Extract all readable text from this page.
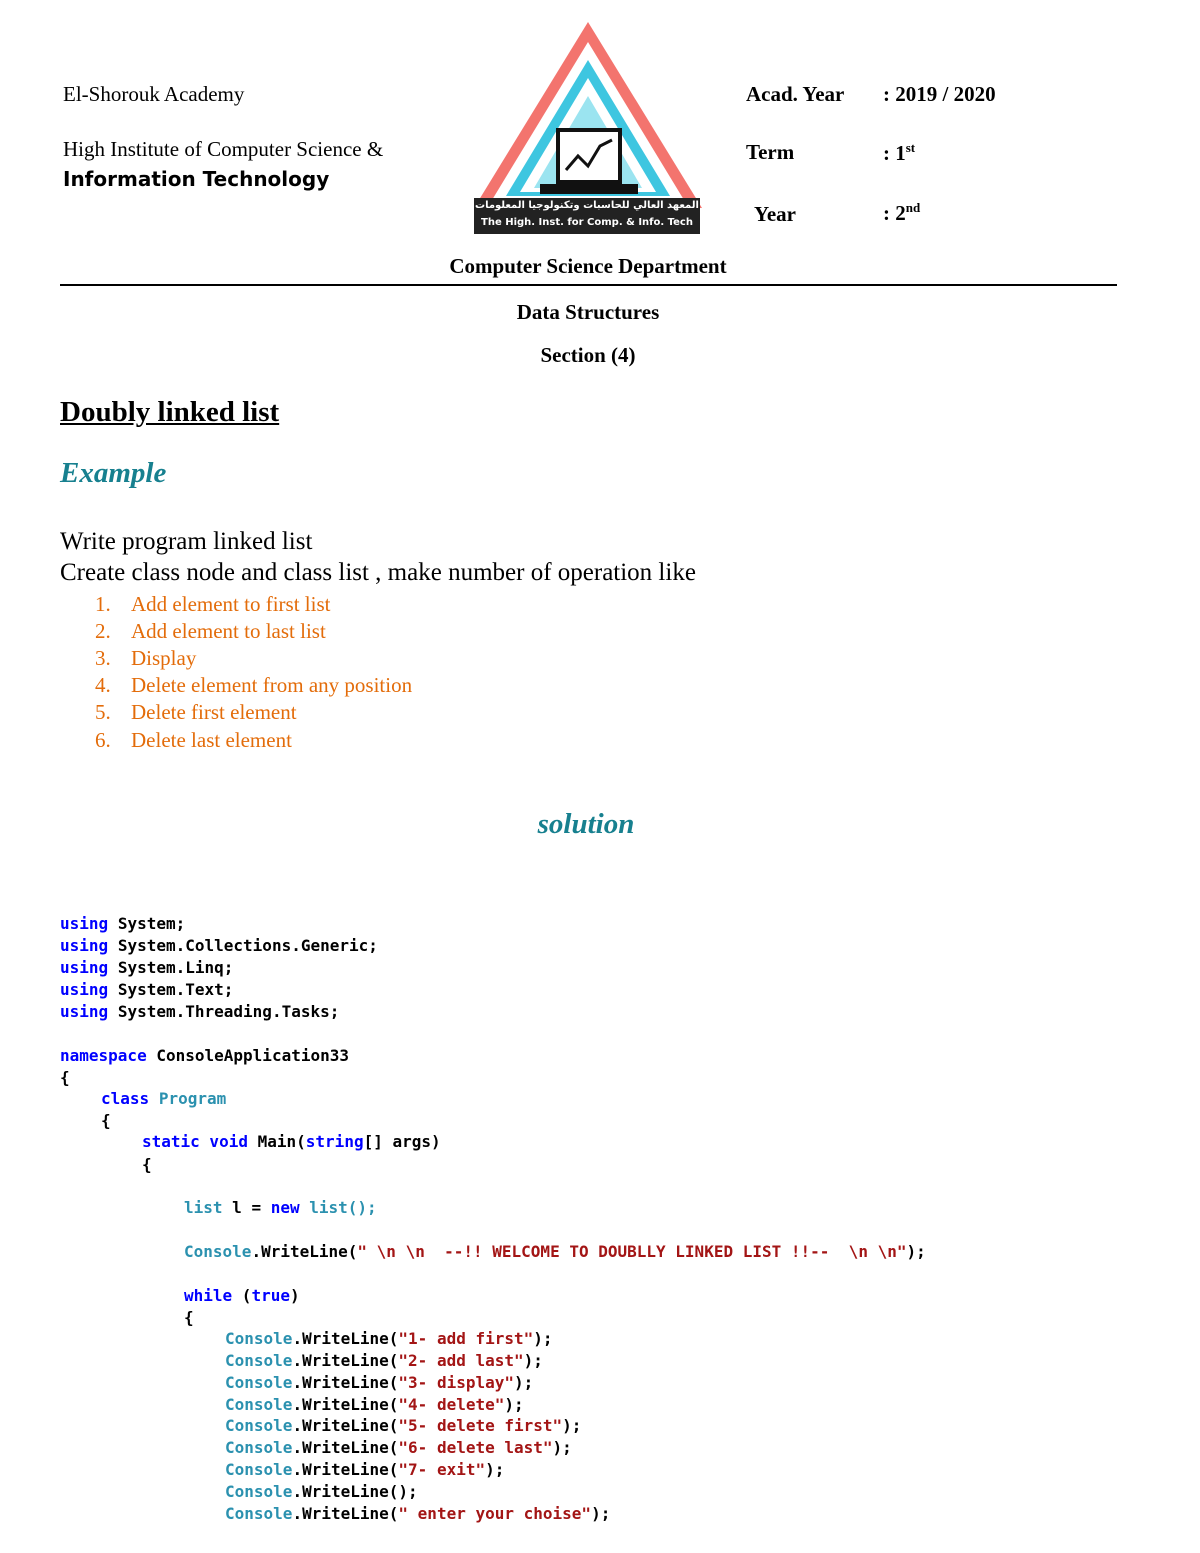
El-Shorouk Academy
High Institute of Computer Science &
Information Technology
المعهد العالي للحاسبات وتكنولوجيا المعلومات
The High. Inst. for Comp. & Info. Tech
Acad. Year : 2019 / 2020
Term	: 1st
Year	: 2nd
Computer Science Department
Data Structures
Section (4)
Doubly linked list
Example
Write program linked list
Create class node and class list , make number of operation like
1. Add element to first list
2. Add element to last list
3. Display
4. Delete element from any position
5. Delete first element
6. Delete last element
solution
using System;
using System.Collections.Generic;
using System.Linq;
using System.Text;
using System.Threading.Tasks;
namespace ConsoleApplication33
{
class Program
{
static void Main(string[] args)
{
list l = new list();
Console.WriteLine(" \n \n  --!! WELCOME TO DOUBLLY LINKED LIST !!--  \n \n");
while (true)
{
Console.WriteLine("1- add first");
Console.WriteLine("2- add last");
Console.WriteLine("3- display");
Console.WriteLine("4- delete");
Console.WriteLine("5- delete first");
Console.WriteLine("6- delete last");
Console.WriteLine("7- exit");
Console.WriteLine();
Console.WriteLine(" enter your choise");
